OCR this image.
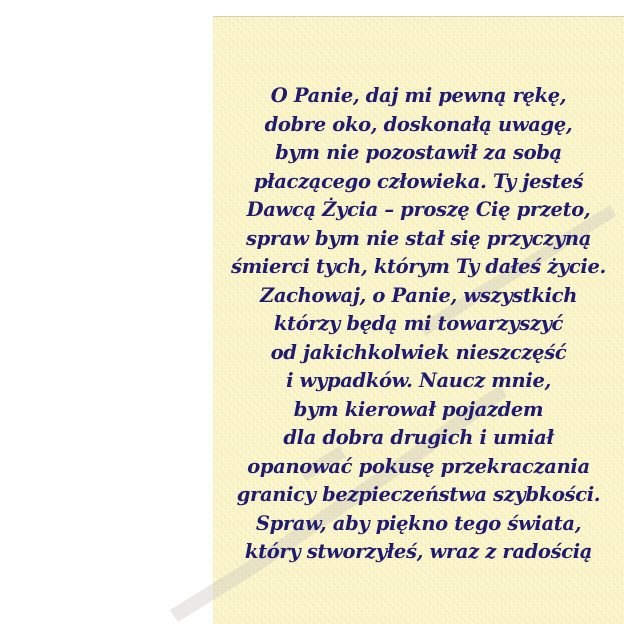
O Panie, daj mi pewną rękę,
dobre oko, doskonałą uwagę,
bym nie pozostawił za sobą
płaczącego człowieka. Ty jesteś
Dawcą Życia – proszę Cię przeto,
spraw bym nie stał się przyczyną
śmierci tych, którym Ty dałeś życie.
Zachowaj, o Panie, wszystkich
którzy będą mi towarzyszyć
od jakichkolwiek nieszczęść
i wypadków. Naucz mnie,
bym kierował pojazdem
dla dobra drugich i umiał
opanować pokusę przekraczania
granicy bezpieczeństwa szybkości.
Spraw, aby piękno tego świata,
który stworzyłeś, wraz z radością
